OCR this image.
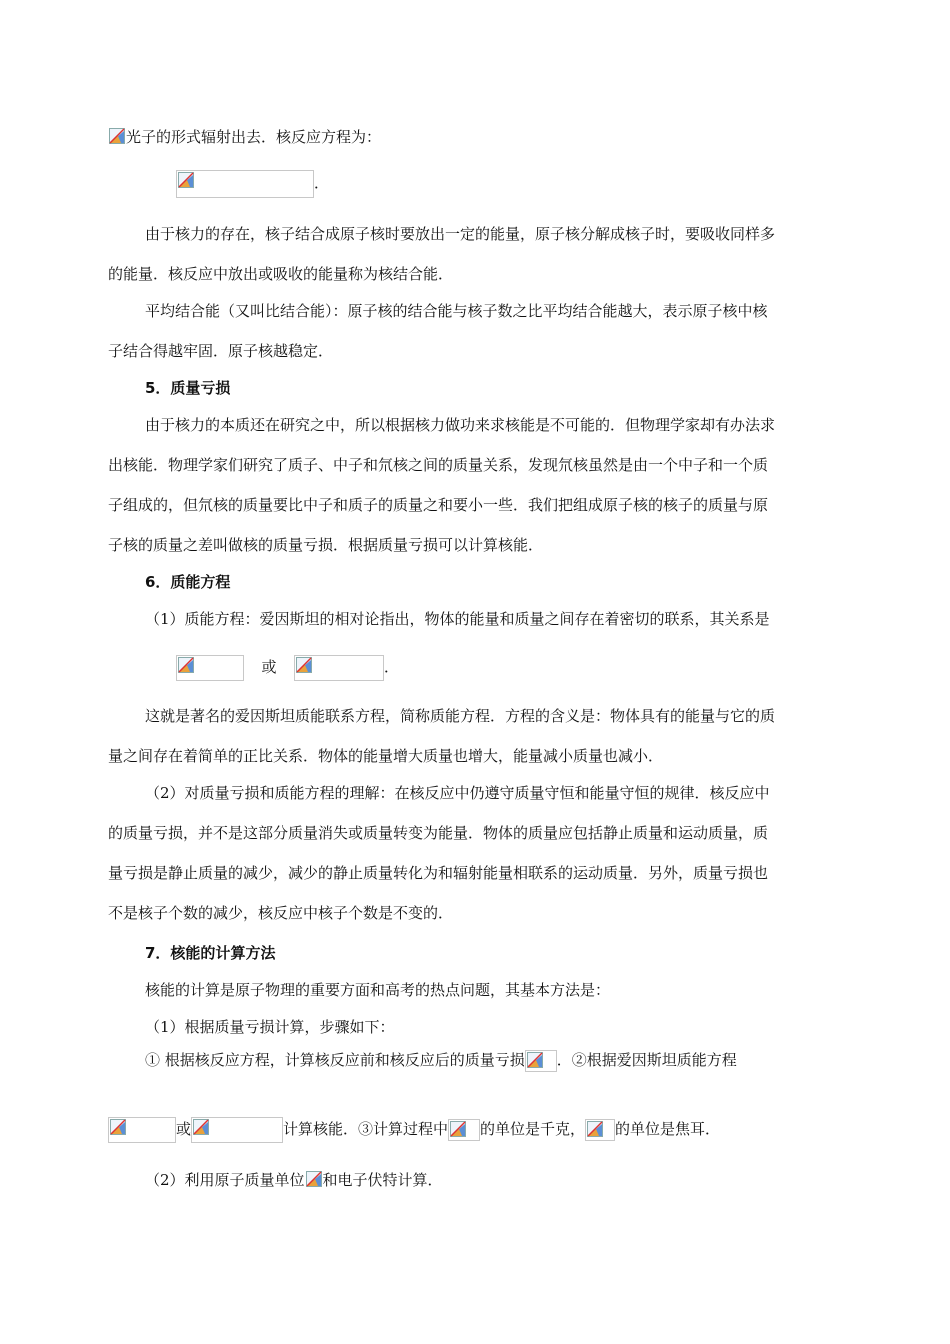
光子的形式辐射出去．核反应方程为：
．
由于核力的存在，核子结合成原子核时要放出一定的能量，原子核分解成核子时，要吸收同样多
的能量．核反应中放出或吸收的能量称为核结合能．
平均结合能（又叫比结合能）：原子核的结合能与核子数之比平均结合能越大，表示原子核中核
子结合得越牢固．原子核越稳定．
5．质量亏损
由于核力的本质还在研究之中，所以根据核力做功来求核能是不可能的．但物理学家却有办法求
出核能．物理学家们研究了质子、中子和氘核之间的质量关系，发现氘核虽然是由一个中子和一个质
子组成的，但氘核的质量要比中子和质子的质量之和要小一些．我们把组成原子核的核子的质量与原
子核的质量之差叫做核的质量亏损．根据质量亏损可以计算核能．
6．质能方程
（1）质能方程：爱因斯坦的相对论指出，物体的能量和质量之间存在着密切的联系，其关系是
或	．
这就是著名的爱因斯坦质能联系方程，简称质能方程．方程的含义是：物体具有的能量与它的质
量之间存在着简单的正比关系．物体的能量增大质量也增大，能量减小质量也减小．
（2）对质量亏损和质能方程的理解：在核反应中仍遵守质量守恒和能量守恒的规律．核反应中
的质量亏损，并不是这部分质量消失或质量转变为能量．物体的质量应包括静止质量和运动质量，质
量亏损是静止质量的减少，减少的静止质量转化为和辐射能量相联系的运动质量．另外，质量亏损也
不是核子个数的减少，核反应中核子个数是不变的．
7．核能的计算方法
核能的计算是原子物理的重要方面和高考的热点问题，其基本方法是：
（1）根据质量亏损计算，步骤如下：
① 根据核反应方程，计算核反应前和核反应后的质量亏损 ．②根据爱因斯坦质能方程
或	计算核能．③计算过程中 的单位是千克， 的单位是焦耳．
（2）利用原子质量单位 和电子伏特计算．
